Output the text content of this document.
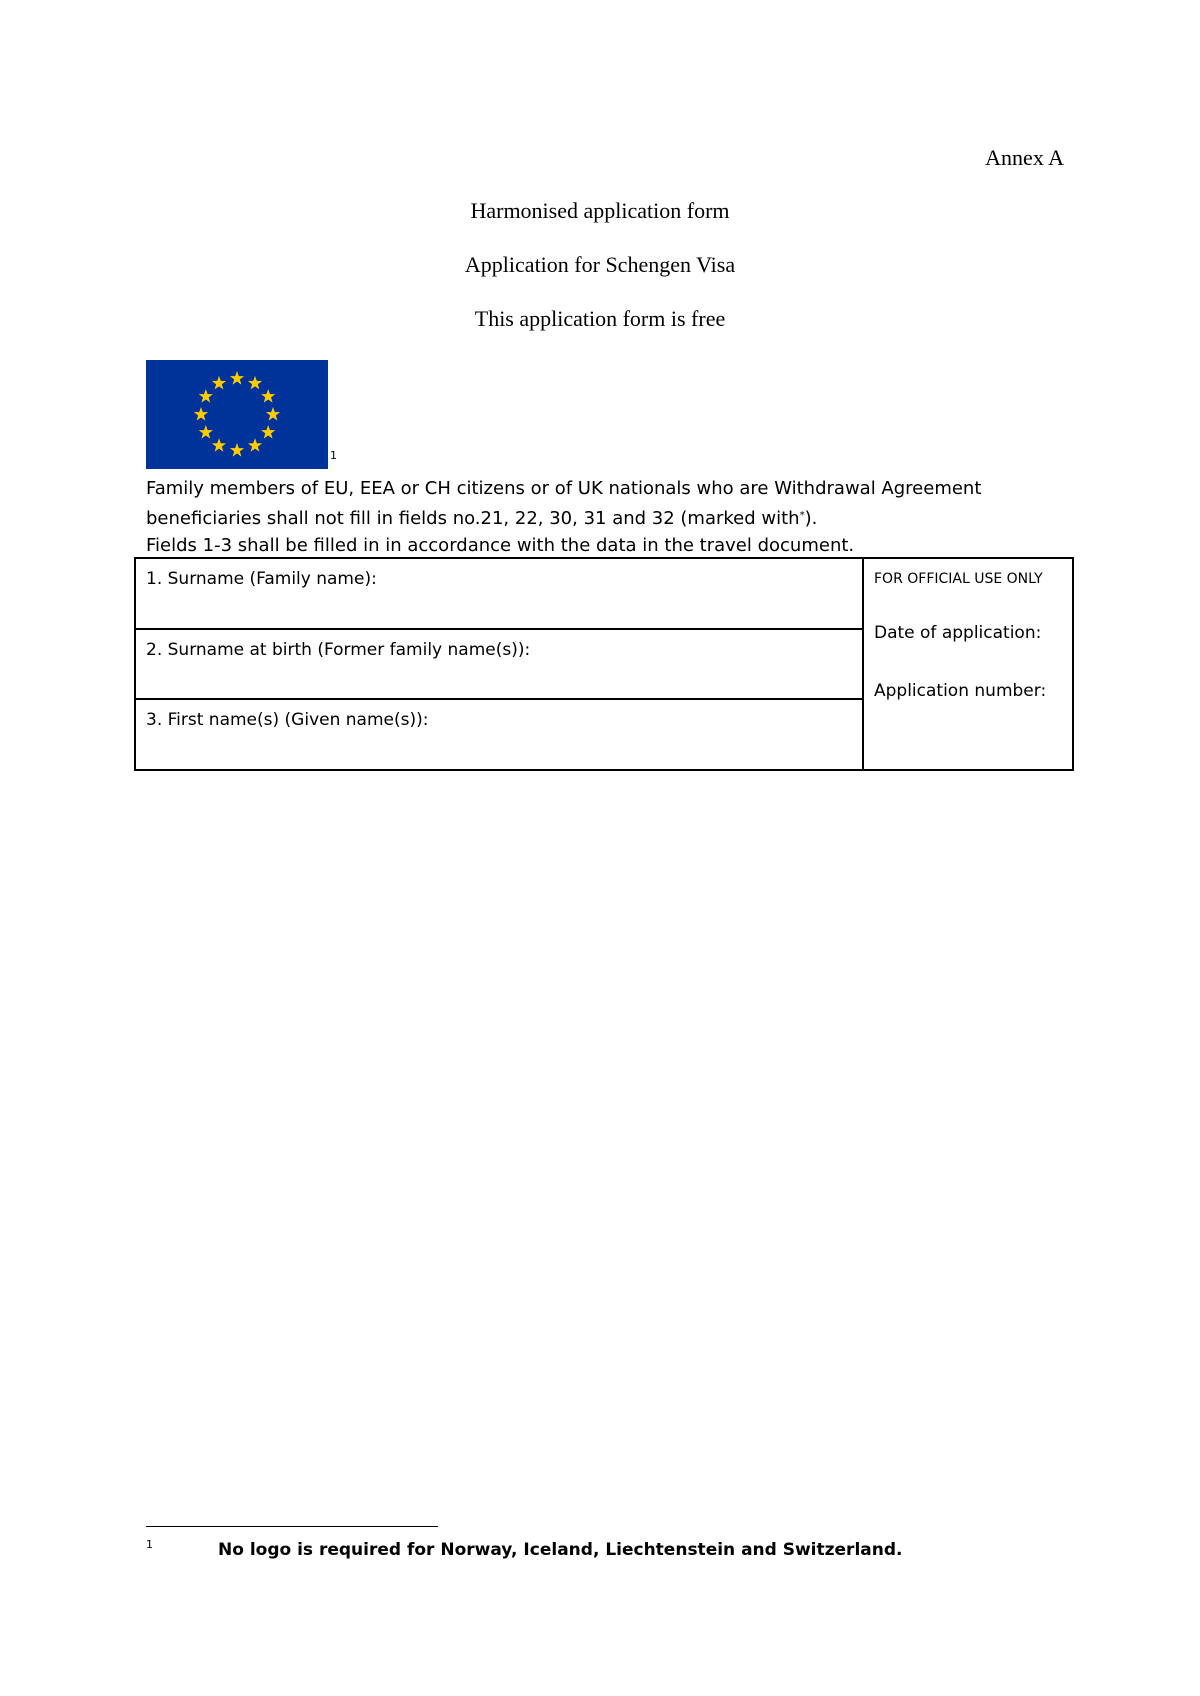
Annex A
Harmonised application form
Application for Schengen Visa
This application form is free
1

Family members of EU, EEA or CH citizens or of UK nationals who are Withdrawal Agreement

beneficiaries shall not fill in fields no.21, 22, 30, 31 and 32 (marked with*).

Fields 1-3 shall be filled in in accordance with the data in the travel document.

1. Surname (Family name):
2. Surname at birth (Former family name(s)):
3. First name(s) (Given name(s)):
FOR OFFICIAL USE ONLY
Date of application:
Application number:
1	No logo is required for Norway, Iceland, Liechtenstein and Switzerland.
